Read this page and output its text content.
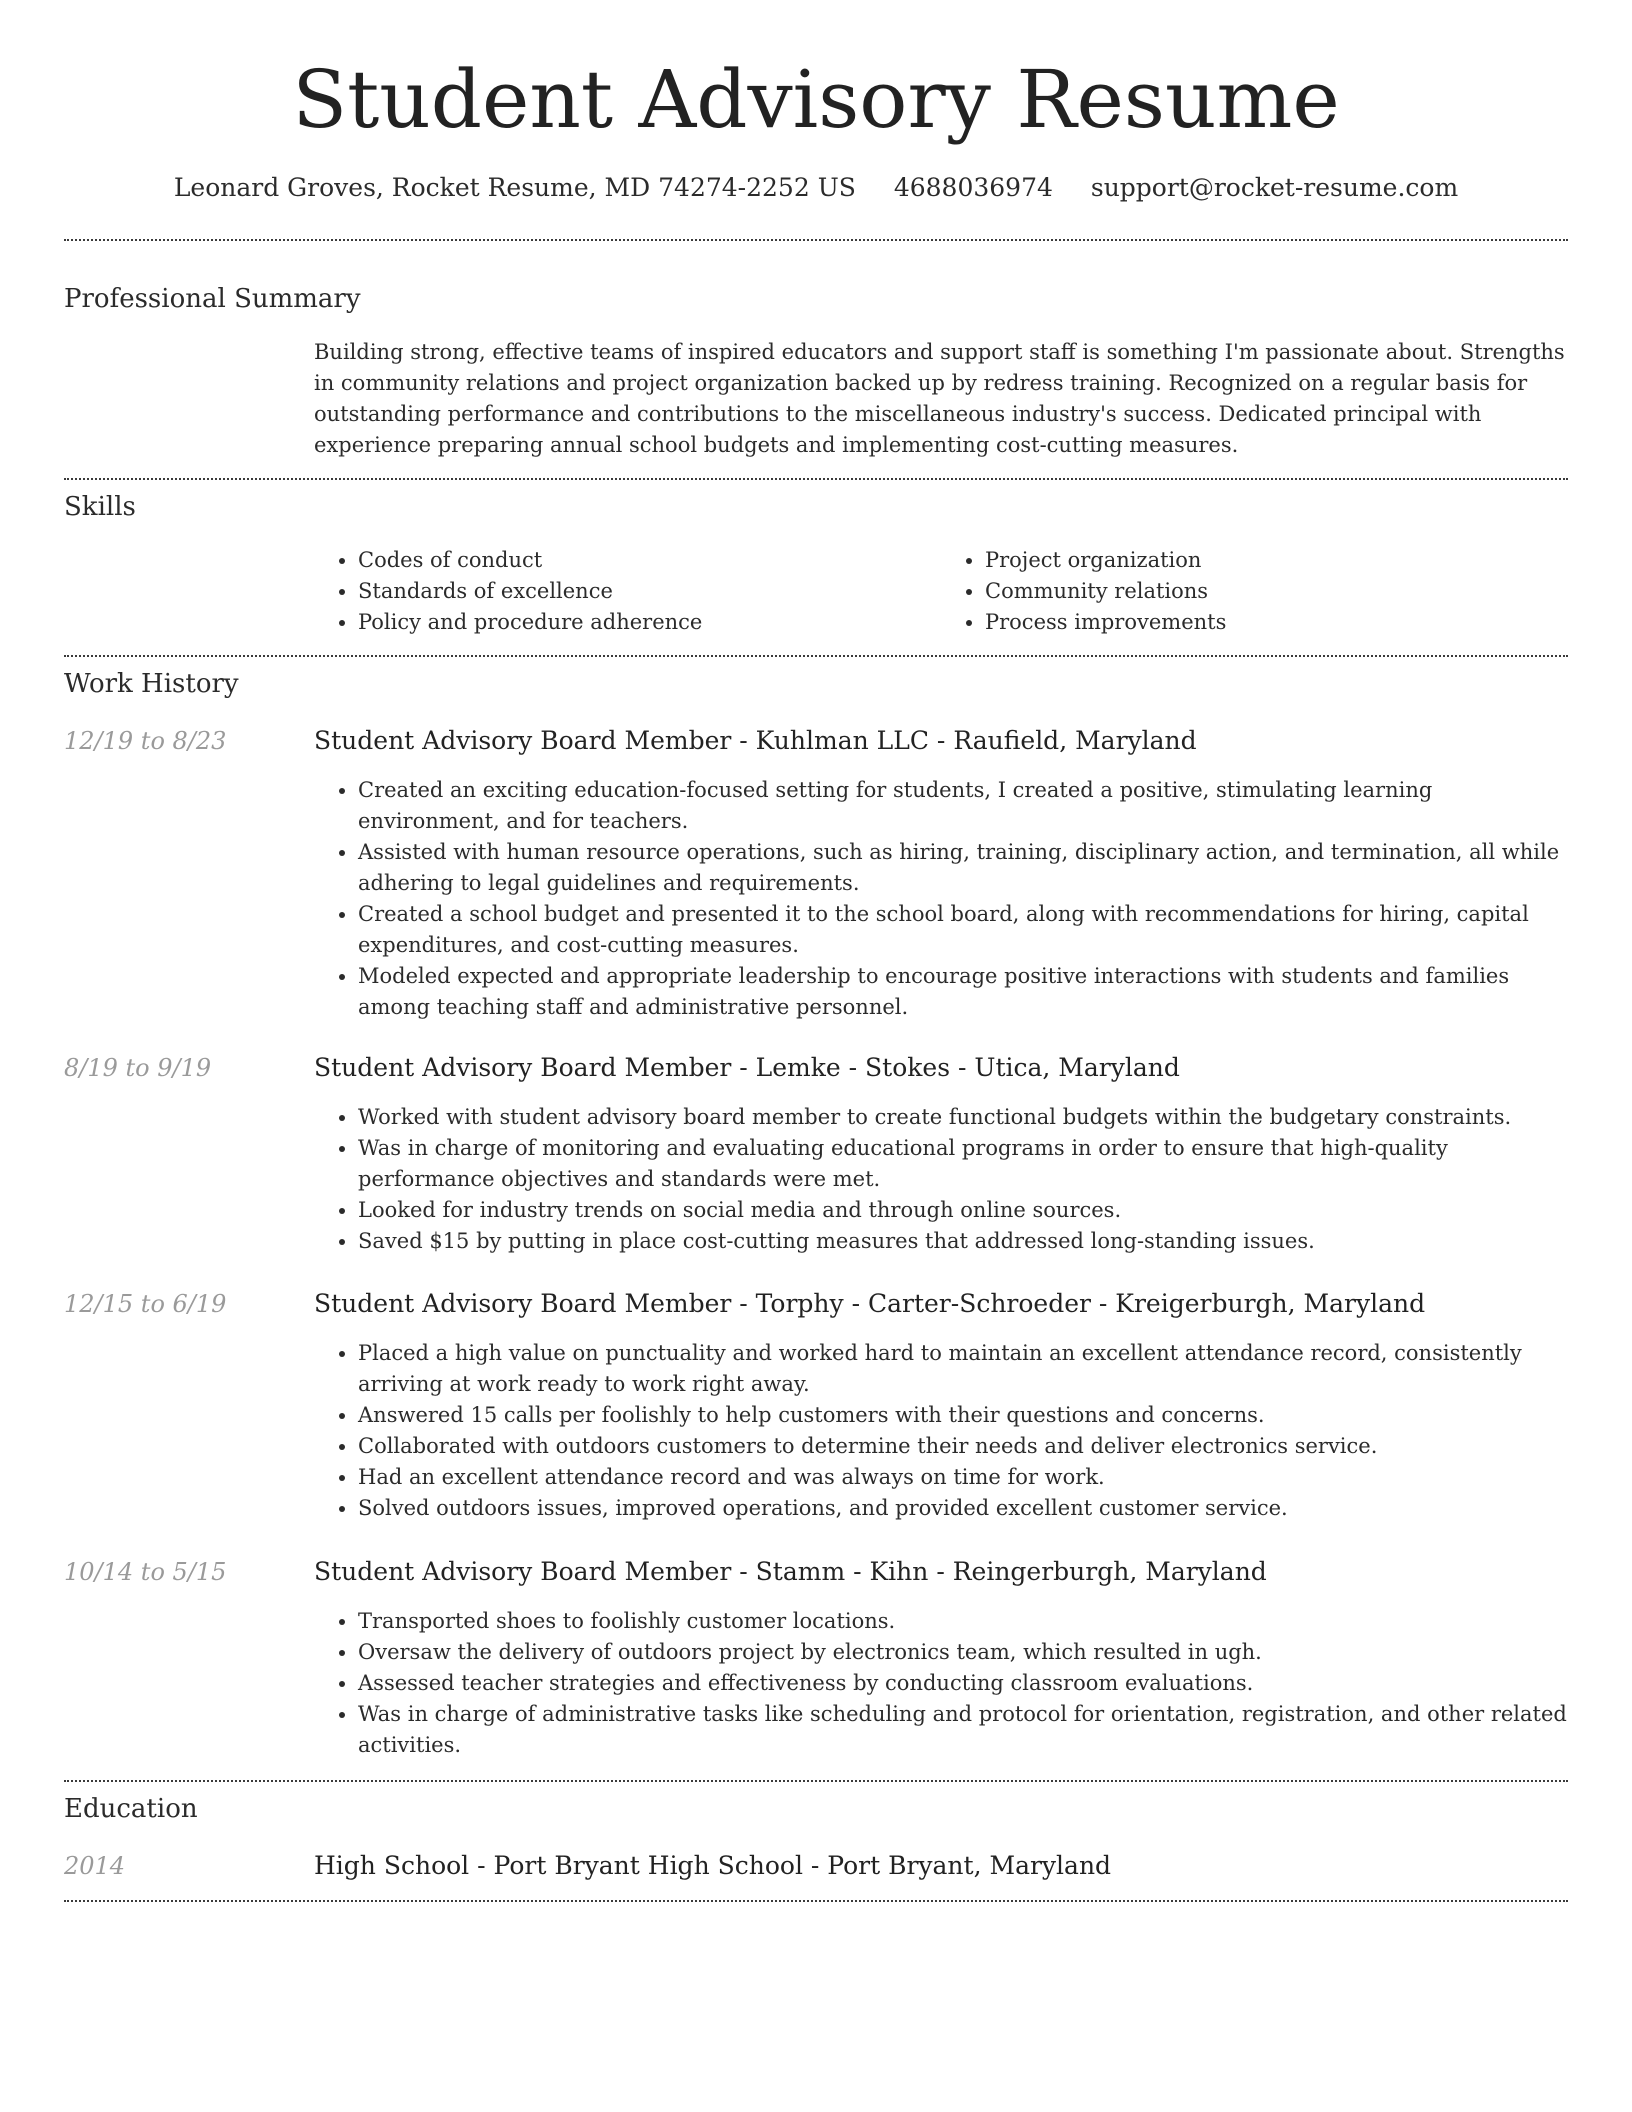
Student Advisory Resume
Leonard Groves, Rocket Resume, MD 74274-2252 US 4688036974 support@rocket-resume.com
Professional Summary

Building strong, effective teams of inspired educators and support staff is something I'm passionate about. Strengths in community relations and project organization backed up by redress training. Recognized on a regular basis for outstanding performance and contributions to the miscellaneous industry's success. Dedicated principal with experience preparing annual school budgets and implementing cost-cutting measures.

Skills
• Codes of conduct
• Standards of excellence
• Policy and procedure adherence
• Project organization
• Community relations
• Process improvements
Work History
12/19 to 8/23	Student Advisory Board Member - Kuhlman LLC - Raufield, Maryland
• Created an exciting education-focused setting for students, I created a positive, stimulating learning environment, and for teachers.
• Assisted with human resource operations, such as hiring, training, disciplinary action, and termination, all while adhering to legal guidelines and requirements.
• Created a school budget and presented it to the school board, along with recommendations for hiring, capital expenditures, and cost-cutting measures.
• Modeled expected and appropriate leadership to encourage positive interactions with students and families among teaching staff and administrative personnel.
8/19 to 9/19	Student Advisory Board Member - Lemke - Stokes - Utica, Maryland
• Worked with student advisory board member to create functional budgets within the budgetary constraints.
• Was in charge of monitoring and evaluating educational programs in order to ensure that high-quality performance objectives and standards were met.
• Looked for industry trends on social media and through online sources.
• Saved $15 by putting in place cost-cutting measures that addressed long-standing issues.
12/15 to 6/19	Student Advisory Board Member - Torphy - Carter-Schroeder - Kreigerburgh, Maryland
• Placed a high value on punctuality and worked hard to maintain an excellent attendance record, consistently arriving at work ready to work right away.
• Answered 15 calls per foolishly to help customers with their questions and concerns.
• Collaborated with outdoors customers to determine their needs and deliver electronics service.
• Had an excellent attendance record and was always on time for work.
• Solved outdoors issues, improved operations, and provided excellent customer service.
10/14 to 5/15	Student Advisory Board Member - Stamm - Kihn - Reingerburgh, Maryland
• Transported shoes to foolishly customer locations.
• Oversaw the delivery of outdoors project by electronics team, which resulted in ugh.
• Assessed teacher strategies and effectiveness by conducting classroom evaluations.
• Was in charge of administrative tasks like scheduling and protocol for orientation, registration, and other related activities.
Education
2014	High School - Port Bryant High School - Port Bryant, Maryland
